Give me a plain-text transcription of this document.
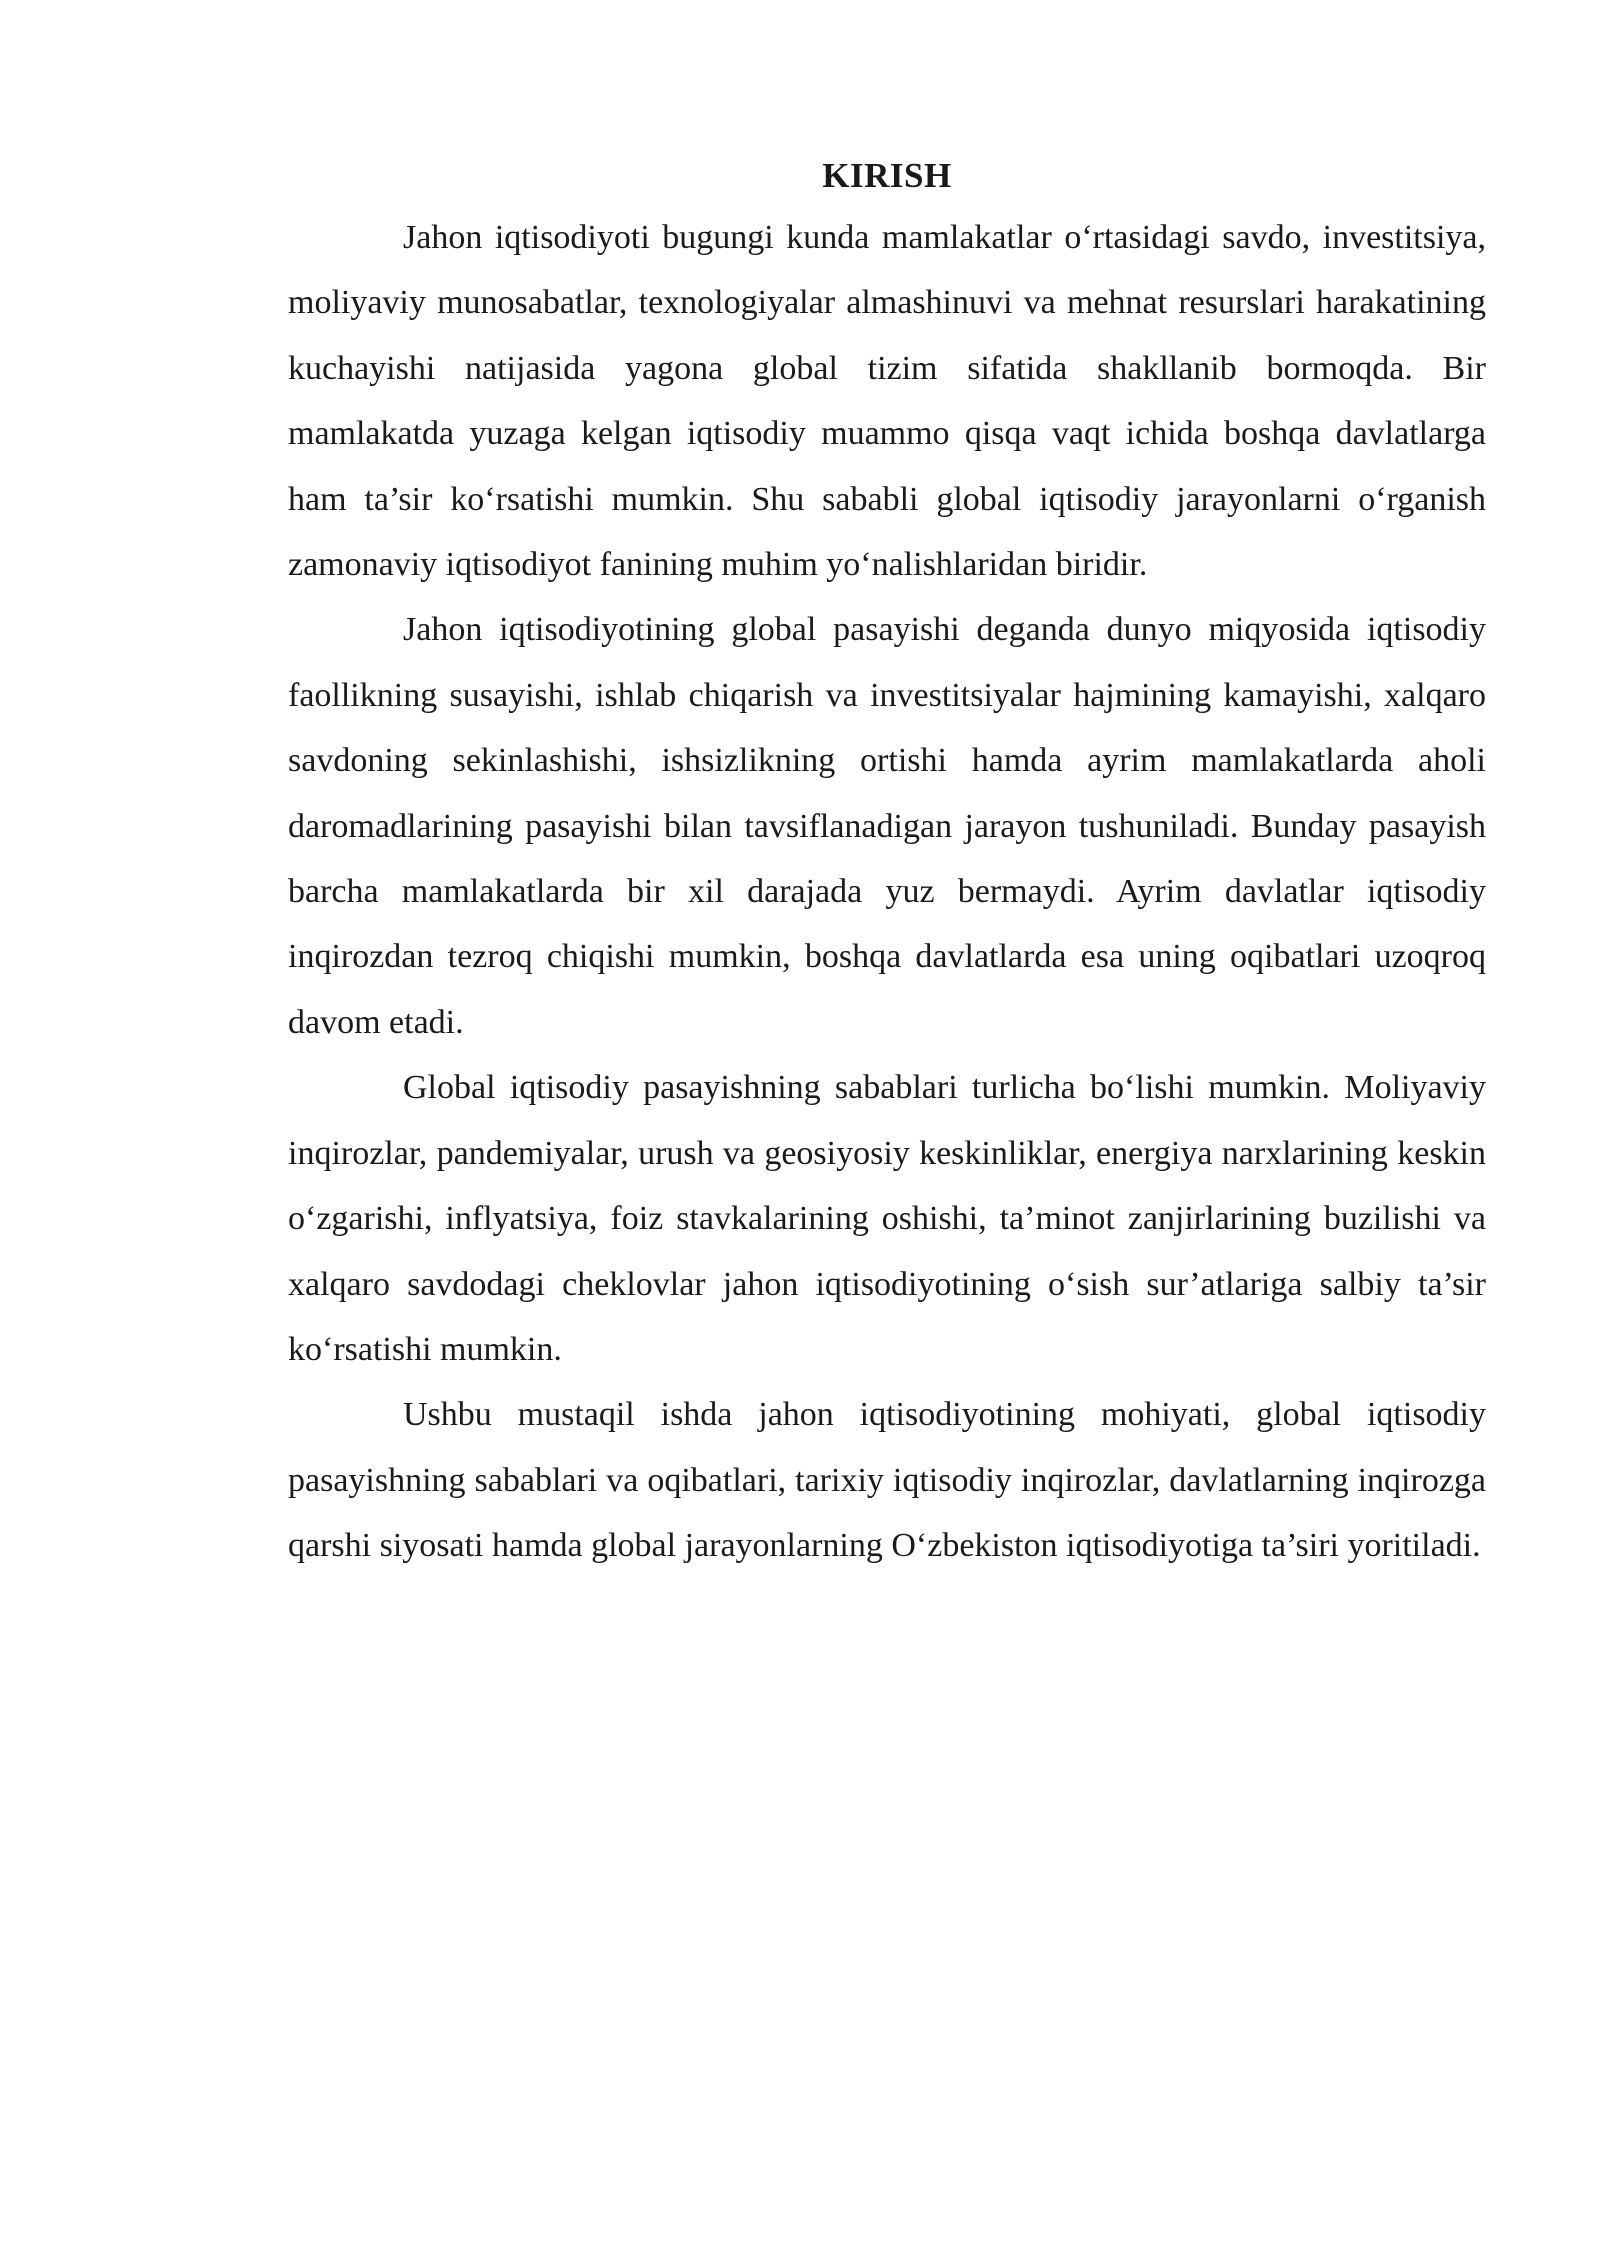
KIRISH

Jahon iqtisodiyoti bugungi kunda mamlakatlar o‘rtasidagi savdo, investitsiya, moliyaviy munosabatlar, texnologiyalar almashinuvi va mehnat resurslari harakatining kuchayishi natijasida yagona global tizim sifatida shakllanib bormoqda. Bir mamlakatda yuzaga kelgan iqtisodiy muammo qisqa vaqt ichida boshqa davlatlarga ham ta’sir ko‘rsatishi mumkin. Shu sababli global iqtisodiy jarayonlarni o‘rganish zamonaviy iqtisodiyot fanining muhim yo‘nalishlaridan biridir.

Jahon iqtisodiyotining global pasayishi deganda dunyo miqyosida iqtisodiy faollikning susayishi, ishlab chiqarish va investitsiyalar hajmining kamayishi, xalqaro savdoning sekinlashishi, ishsizlikning ortishi hamda ayrim mamlakatlarda aholi daromadlarining pasayishi bilan tavsiflanadigan jarayon tushuniladi. Bunday pasayish barcha mamlakatlarda bir xil darajada yuz bermaydi. Ayrim davlatlar iqtisodiy inqirozdan tezroq chiqishi mumkin, boshqa davlatlarda esa uning oqibatlari uzoqroq davom etadi.

Global iqtisodiy pasayishning sabablari turlicha bo‘lishi mumkin. Moliyaviy inqirozlar, pandemiyalar, urush va geosiyosiy keskinliklar, energiya narxlarining keskin o‘zgarishi, inflyatsiya, foiz stavkalarining oshishi, ta’minot zanjirlarining buzilishi va xalqaro savdodagi cheklovlar jahon iqtisodiyotining o‘sish sur’atlariga salbiy ta’sir ko‘rsatishi mumkin.

Ushbu mustaqil ishda jahon iqtisodiyotining mohiyati, global iqtisodiy pasayishning sabablari va oqibatlari, tarixiy iqtisodiy inqirozlar, davlatlarning inqirozga qarshi siyosati hamda global jarayonlarning O‘zbekiston iqtisodiyotiga ta’siri yoritiladi.
